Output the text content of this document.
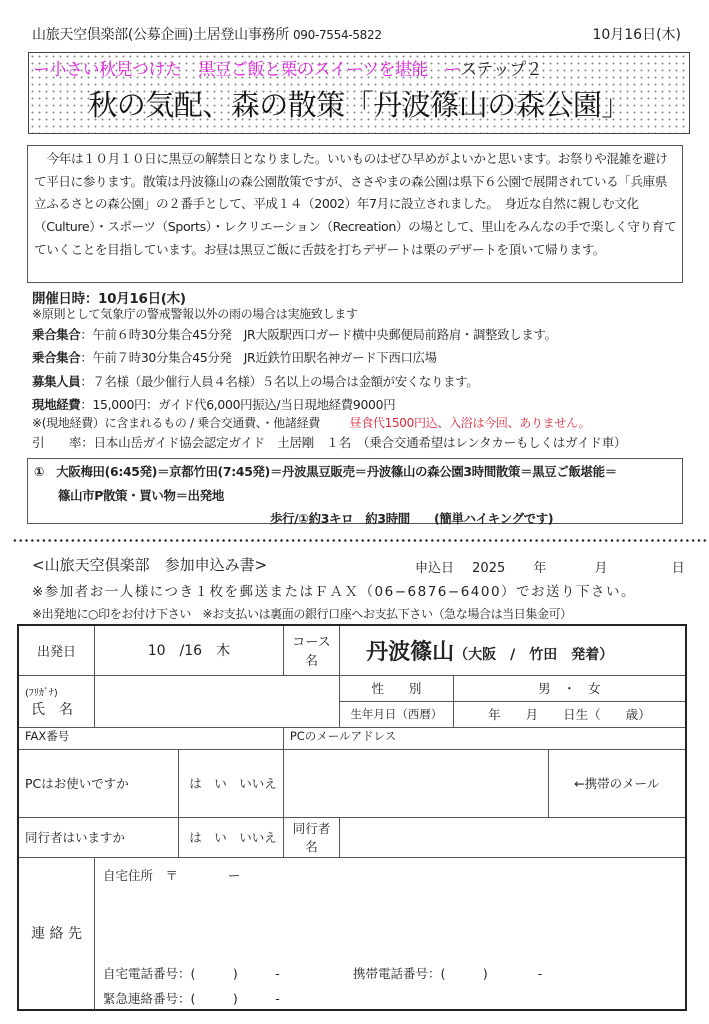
山旅天空倶楽部(公募企画)土居登山事務所 090-7554-5822	10月16日(木)
ー小さい秋見つけた　黒豆ご飯と栗のスイーツを堪能　ーステップ２
秋の気配、森の散策「丹波篠山の森公園」

今年は１０月１０日に黒豆の解禁日となりました。いいものはぜひ早めがよいかと思います。お祭りや混雑を避けて平日に参ります。散策は丹波篠山の森公園散策ですが、ささやまの森公園は県下６公園で展開されている「兵庫県立ふるさとの森公園」の２番手として、平成１４（2002）年7月に設立されました。　身近な自然に親しむ文化（Culture）・スポーツ（Sports）・レクリエーション（Recreation）の場として、里山をみんなの手で楽しく守り育てていくことを目指しています。お昼は黒豆ご飯に舌鼓を打ちデザートは栗のデザートを頂いて帰ります。

開催日時：10月16日(木)
※原則として気象庁の警戒警報以外の雨の場合は実施致します
乗合集合：午前６時30分集合45分発　JR大阪駅西口ガード横中央郵便局前路肩・調整致します。
乗合集合：午前７時30分集合45分発　JR近鉄竹田駅名神ガード下西口広場
募集人員：７名様（最少催行人員４名様）５名以上の場合は金額が安くなります。
現地経費：15,000円：ガイド代6,000円振込/当日現地経費9000円
※(現地経費）に含まれるもの / 乗合交通費、・他諸経費 昼食代1500円込、入浴は今回、ありません。
引　　率：日本山岳ガイド協会認定ガイド　土居剛　１名　（乗合交通希望はレンタカーもしくはガイド車）
①　大阪梅田(6:45発)＝京都竹田(7:45発)＝丹波黒豆販売＝丹波篠山の森公園3時間散策＝黒豆ご飯堪能＝
篠山市P散策・買い物＝出発地
歩行/①約3キロ　約3時間　　(簡単ハイキングです)
<山旅天空倶楽部　参加申込み書>	申込日 2025 年	月	日
※参加者お一人様につき１枚を郵送またはＦＡＸ（06−6876−6400）でお送り下さい。
※出発地に○印をお付け下さい　※お支払いは裏面の銀行口座へお支払下さい（急な場合は当日集金可）
出発日	10　/16　木		コース名	丹波篠山（大阪　/　竹田　発着）		

(ﾌﾘｶﾞﾅ)
氏　名				性　　別	男　・　女	
				生年月日（西暦）	年　　月　　日生（　　歳）	
FAX番号			PCのメールアドレス			
PCはお使いですか		は　い　いいえ				←携帯のメール
同行者はいますか		は　い　いいえ	同行者名			
連 絡 先	自宅住所　〒　　　　ー
自宅電話番号：(　　　)　　　- 携帯電話番号：(　　　)　　　　-
緊急連絡番号：(　　　)　　　-					
